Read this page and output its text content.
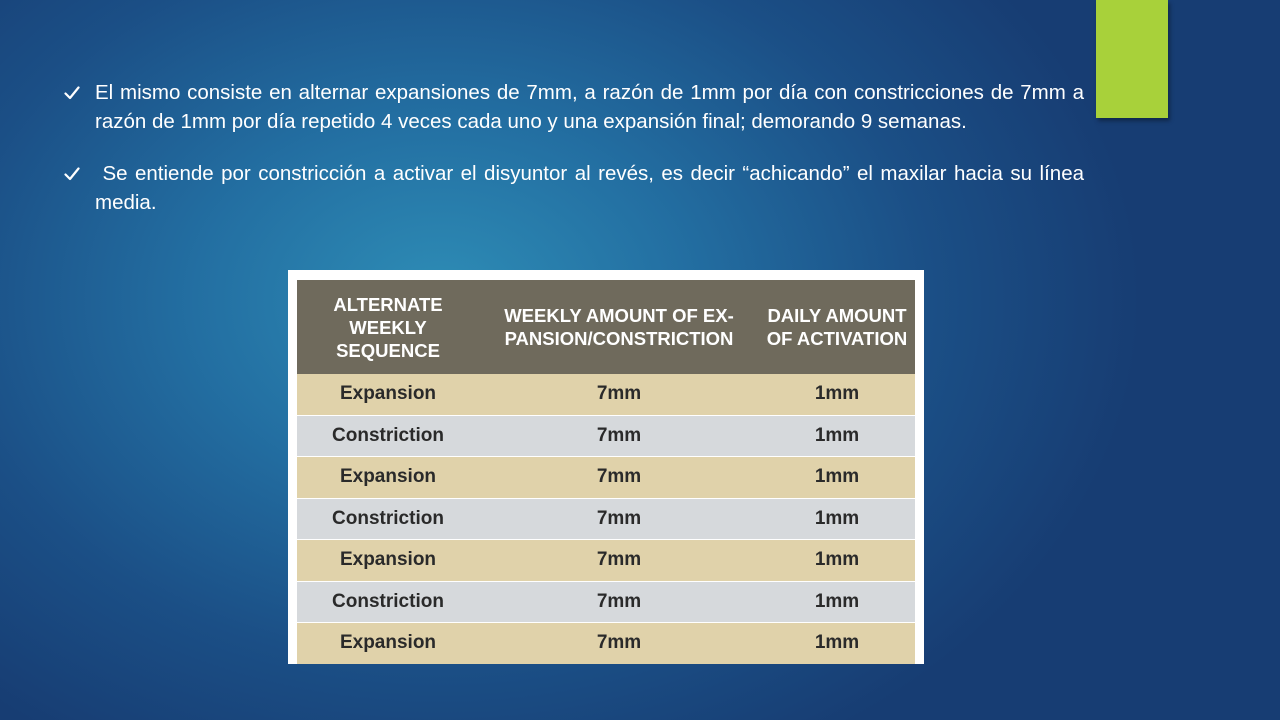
El mismo consiste en alternar expansiones de 7mm, a razón de 1mm por día con constricciones de 7mm a razón de 1mm por día repetido 4 veces cada uno y una expansión final; demorando 9 semanas.
Se entiende por constricción a activar el disyuntor al revés, es decir “achicando” el maxilar hacia su línea media.
ALTERNATE WEEKLY SEQUENCE	WEEKLY AMOUNT OF EX- PANSION/CONSTRICTION	DAILY AMOUNT OF ACTIVATION
Expansion	7mm	1mm
Constriction	7mm	1mm
Expansion	7mm	1mm
Constriction	7mm	1mm
Expansion	7mm	1mm
Constriction	7mm	1mm
Expansion	7mm	1mm
